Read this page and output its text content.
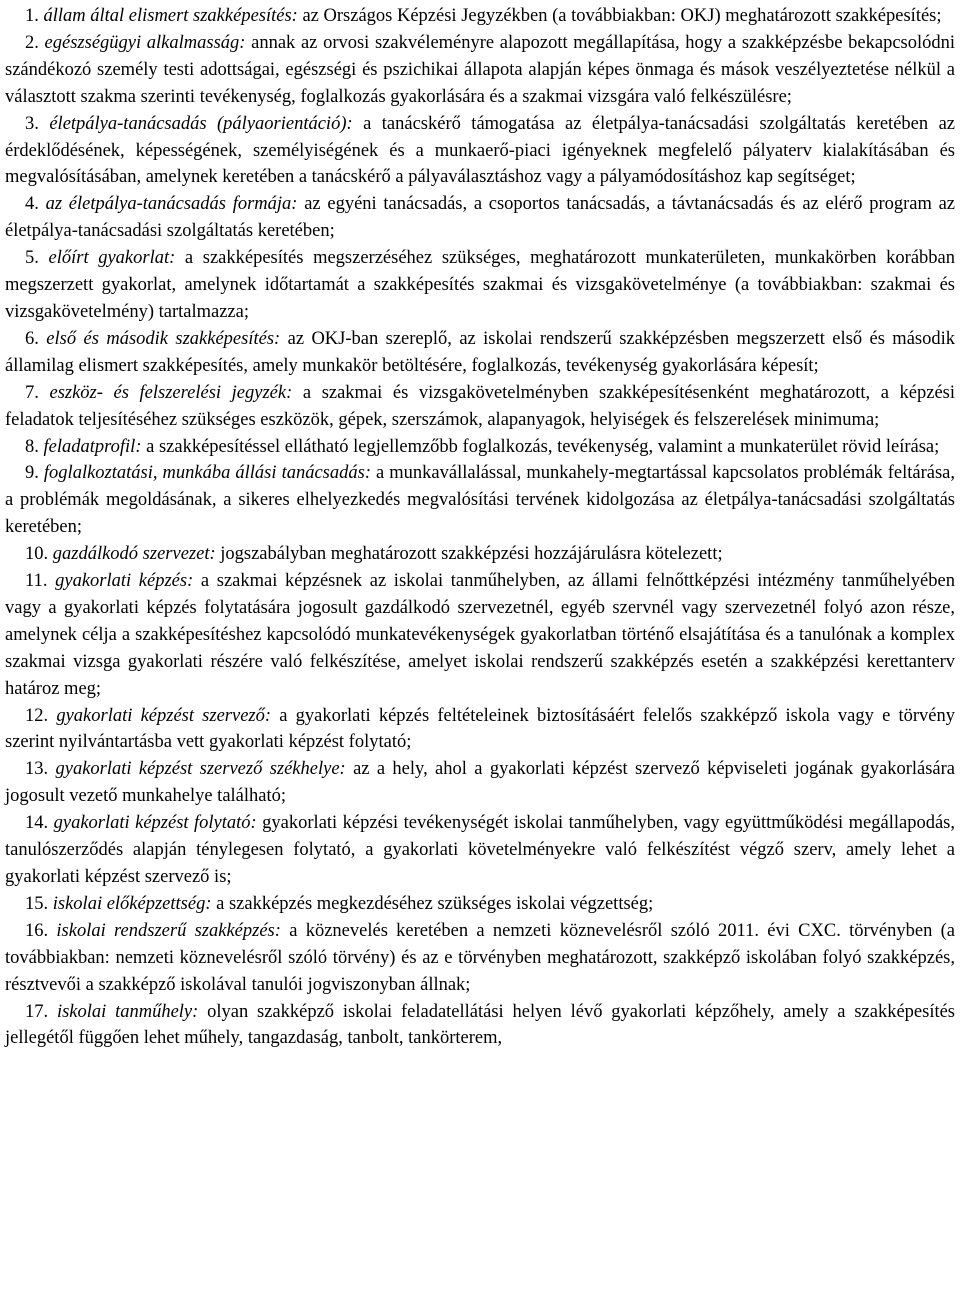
1. állam által elismert szakképesítés: az Országos Képzési Jegyzékben (a továbbiakban: OKJ) meghatározott szakképesítés;

2. egészségügyi alkalmasság: annak az orvosi szakvéleményre alapozott megállapítása, hogy a szakképzésbe bekapcsolódni szándékozó személy testi adottságai, egészségi és pszichikai állapota alapján képes önmaga és mások veszélyeztetése nélkül a választott szakma szerinti tevékenység, foglalkozás gyakorlására és a szakmai vizsgára való felkészülésre;

3. életpálya-tanácsadás (pályaorientáció): a tanácskérő támogatása az életpálya-tanácsadási szolgáltatás keretében az érdeklődésének, képességének, személyiségének és a munkaerő-piaci igényeknek megfelelő pályaterv kialakításában és megvalósításában, amelynek keretében a tanácskérő a pályaválasztáshoz vagy a pályamódosításhoz kap segítséget;

4. az életpálya-tanácsadás formája: az egyéni tanácsadás, a csoportos tanácsadás, a távtanácsadás és az elérő program az életpálya-tanácsadási szolgáltatás keretében;

5. előírt gyakorlat: a szakképesítés megszerzéséhez szükséges, meghatározott munkaterületen, munkakörben korábban megszerzett gyakorlat, amelynek időtartamát a szakképesítés szakmai és vizsgakövetelménye (a továbbiakban: szakmai és vizsgakövetelmény) tartalmazza;

6. első és második szakképesítés: az OKJ-ban szereplő, az iskolai rendszerű szakképzésben megszerzett első és második államilag elismert szakképesítés, amely munkakör betöltésére, foglalkozás, tevékenység gyakorlására képesít;

7. eszköz- és felszerelési jegyzék: a szakmai és vizsgakövetelményben szakképesítésenként meghatározott, a képzési feladatok teljesítéséhez szükséges eszközök, gépek, szerszámok, alapanyagok, helyiségek és felszerelések minimuma;

8. feladatprofil: a szakképesítéssel ellátható legjellemzőbb foglalkozás, tevékenység, valamint a munkaterület rövid leírása;

9. foglalkoztatási, munkába állási tanácsadás: a munkavállalással, munkahely-megtartással kapcsolatos problémák feltárása, a problémák megoldásának, a sikeres elhelyezkedés megvalósítási tervének kidolgozása az életpálya-tanácsadási szolgáltatás keretében;

10. gazdálkodó szervezet: jogszabályban meghatározott szakképzési hozzájárulásra kötelezett;

11. gyakorlati képzés: a szakmai képzésnek az iskolai tanműhelyben, az állami felnőttképzési intézmény tanműhelyében vagy a gyakorlati képzés folytatására jogosult gazdálkodó szervezetnél, egyéb szervnél vagy szervezetnél folyó azon része, amelynek célja a szakképesítéshez kapcsolódó munkatevékenységek gyakorlatban történő elsajátítása és a tanulónak a komplex szakmai vizsga gyakorlati részére való felkészítése, amelyet iskolai rendszerű szakképzés esetén a szakképzési kerettanterv határoz meg;

12. gyakorlati képzést szervező: a gyakorlati képzés feltételeinek biztosításáért felelős szakképző iskola vagy e törvény szerint nyilvántartásba vett gyakorlati képzést folytató;

13. gyakorlati képzést szervező székhelye: az a hely, ahol a gyakorlati képzést szervező képviseleti jogának gyakorlására jogosult vezető munkahelye található;

14. gyakorlati képzést folytató: gyakorlati képzési tevékenységét iskolai tanműhelyben, vagy együttműködési megállapodás, tanulószerződés alapján ténylegesen folytató, a gyakorlati követelményekre való felkészítést végző szerv, amely lehet a gyakorlati képzést szervező is;

15. iskolai előképzettség: a szakképzés megkezdéséhez szükséges iskolai végzettség;

16. iskolai rendszerű szakképzés: a köznevelés keretében a nemzeti köznevelésről szóló 2011. évi CXC. törvényben (a továbbiakban: nemzeti köznevelésről szóló törvény) és az e törvényben meghatározott, szakképző iskolában folyó szakképzés, résztvevői a szakképző iskolával tanulói jogviszonyban állnak;

17. iskolai tanműhely: olyan szakképző iskolai feladatellátási helyen lévő gyakorlati képzőhely, amely a szakképesítés jellegétől függően lehet műhely, tangazdaság, tanbolt, tankörterem,
